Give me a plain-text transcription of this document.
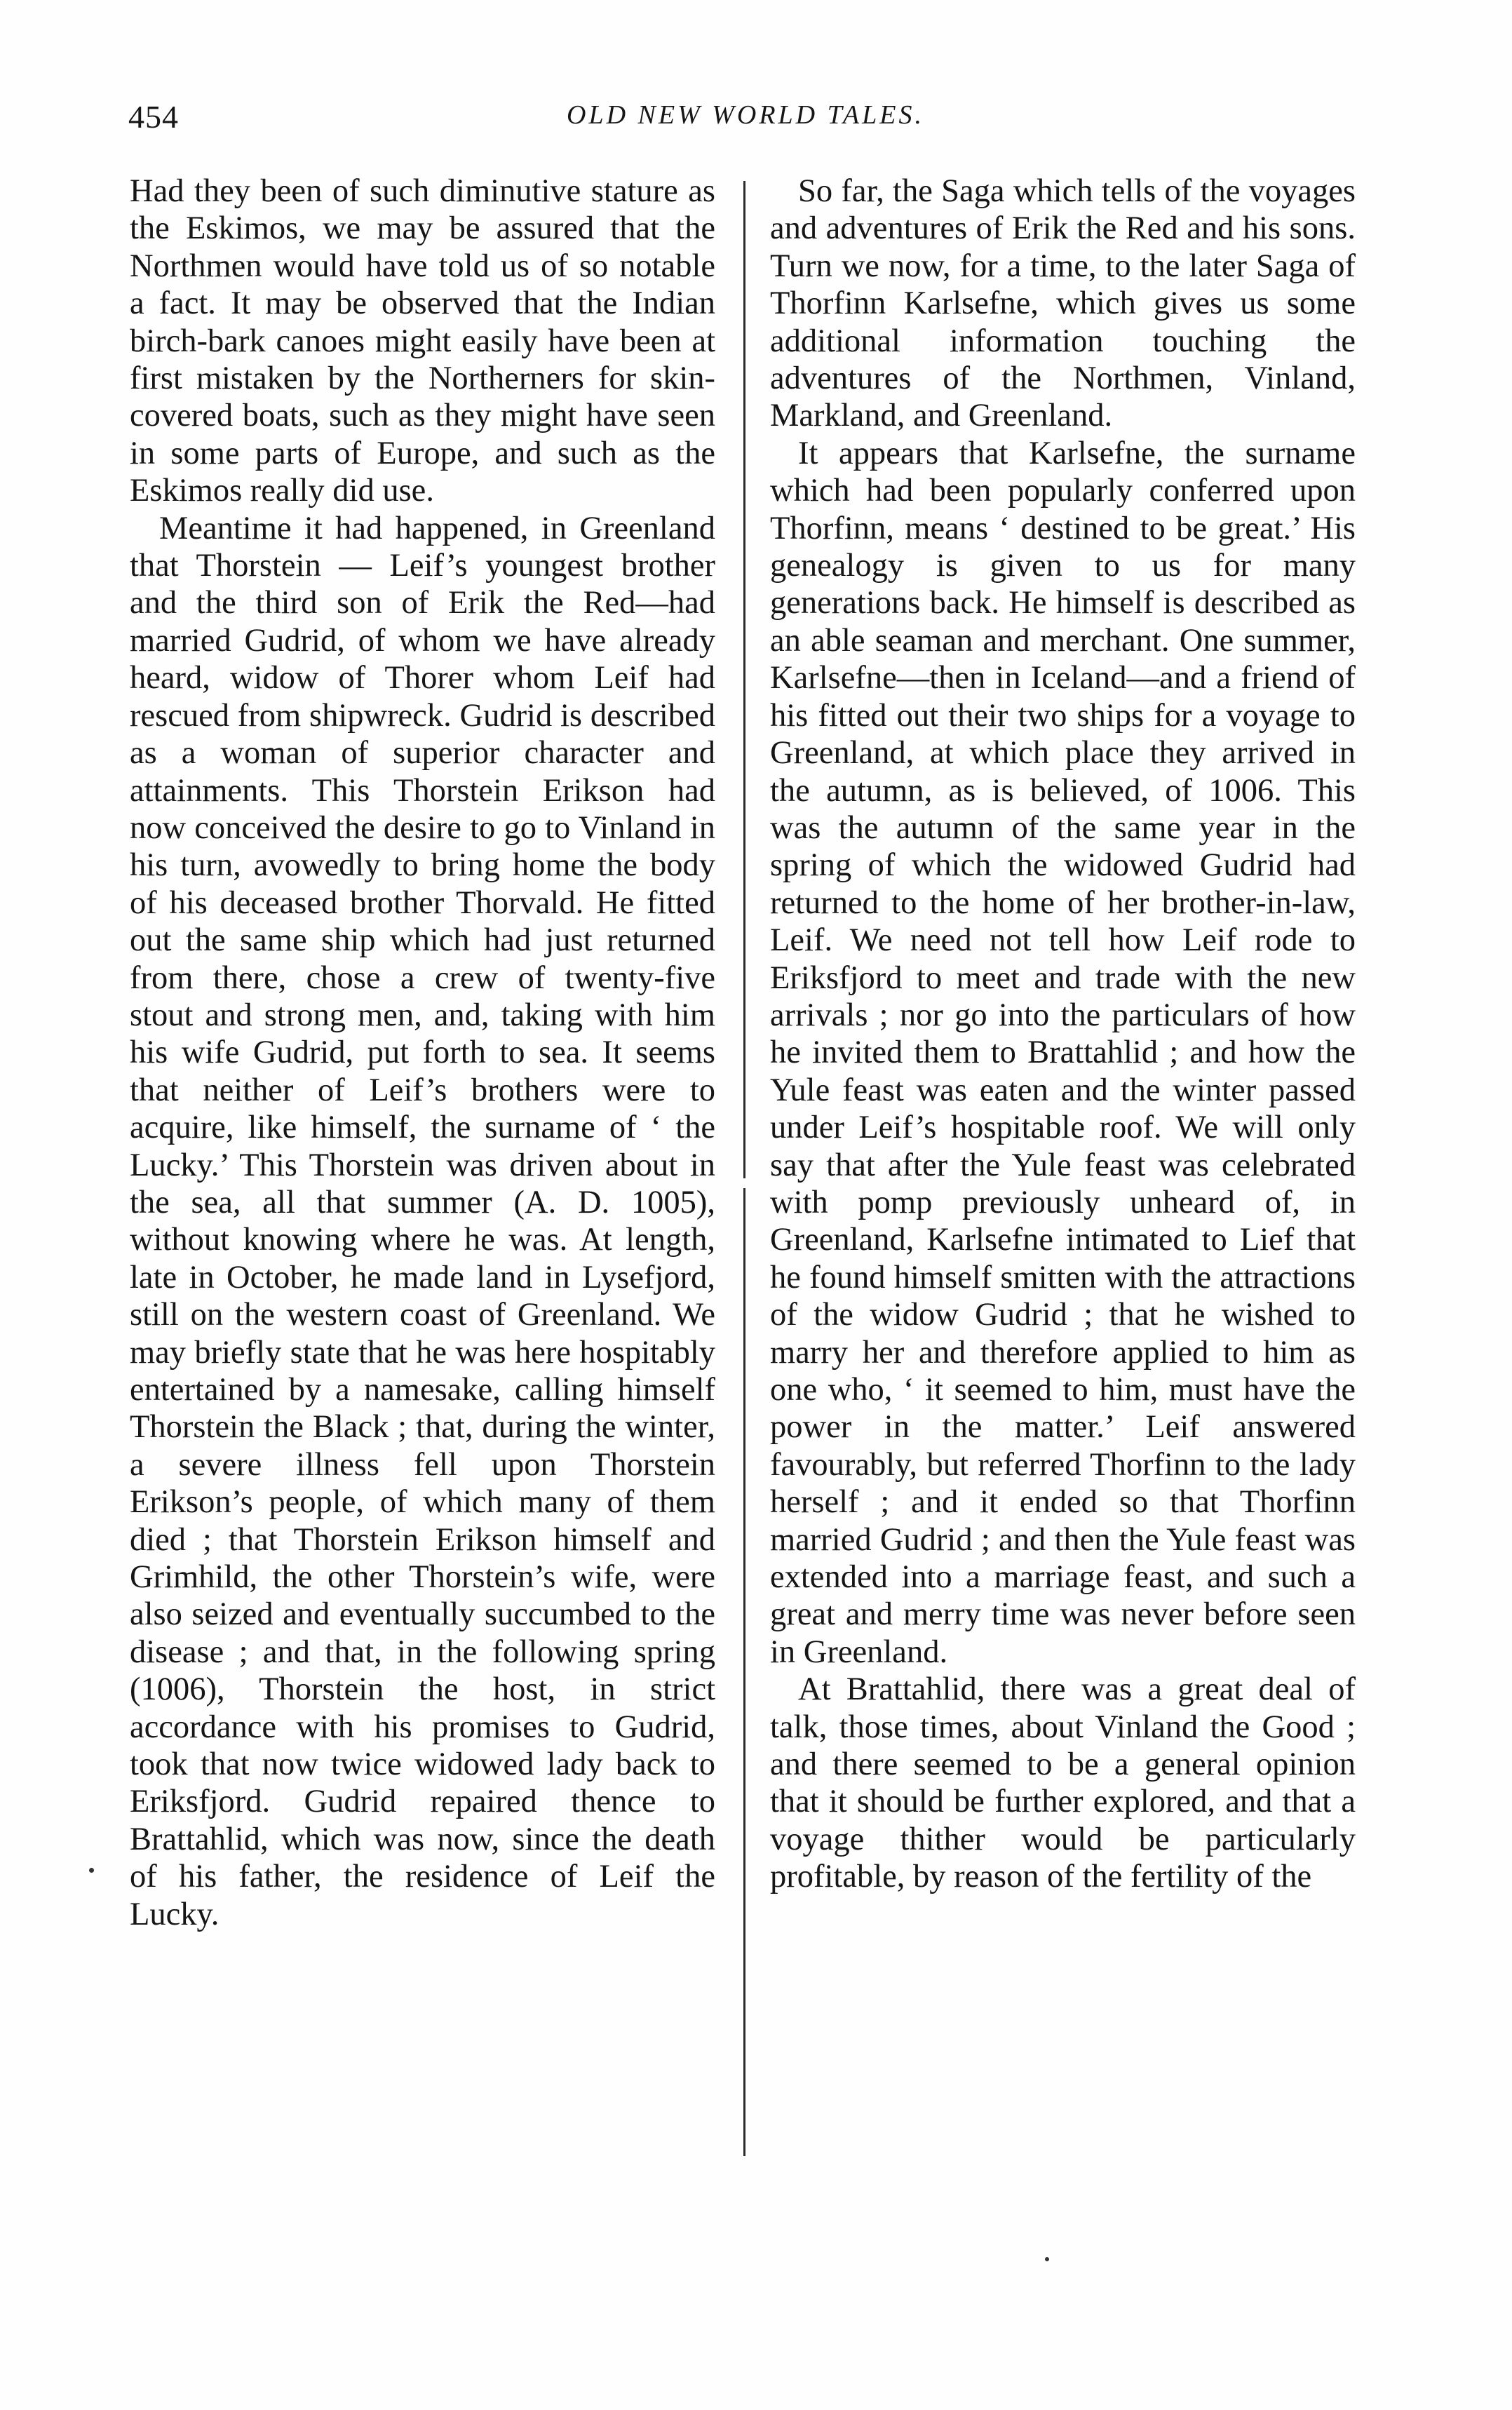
454	OLD NEW WORLD TALES.

Had they been of such diminutive stature as the Eskimos, we may be assured that the Northmen would have told us of so notable a fact. It may be observed that the Indian birch-bark canoes might easily have been at first mistaken by the Northerners for skin-covered boats, such as they might have seen in some parts of Europe, and such as the Eskimos really did use.

Meantime it had happened, in Greenland that Thorstein — Leif’s youngest brother and the third son of Erik the Red—had married Gudrid, of whom we have already heard, widow of Thorer whom Leif had rescued from shipwreck. Gudrid is described as a woman of superior character and attainments. This Thorstein Erikson had now conceived the desire to go to Vinland in his turn, avowedly to bring home the body of his deceased brother Thorvald. He fitted out the same ship which had just returned from there, chose a crew of twenty-five stout and strong men, and, taking with him his wife Gudrid, put forth to sea. It seems that neither of Leif’s brothers were to acquire, like himself, the surname of ‘ the Lucky.’ This Thorstein was driven about in the sea, all that summer (A. D. 1005), without knowing where he was. At length, late in October, he made land in Lysefjord, still on the western coast of Greenland. We may briefly state that he was here hospitably entertained by a namesake, calling himself Thorstein the Black ; that, during the winter, a severe illness fell upon Thorstein Erikson’s people, of which many of them died ; that Thorstein Erikson himself and Grimhild, the other Thorstein’s wife, were also seized and eventually succumbed to the disease ; and that, in the following spring (1006), Thorstein the host, in strict accordance with his promises to Gudrid, took that now twice widowed lady back to Eriksfjord. Gudrid repaired thence to Brattahlid, which was now, since the death of his father, the residence of Leif the Lucky.

So far, the Saga which tells of the voyages and adventures of Erik the Red and his sons. Turn we now, for a time, to the later Saga of Thorfinn Karlsefne, which gives us some additional information touching the adventures of the Northmen, Vinland, Markland, and Greenland.

It appears that Karlsefne, the surname which had been popularly conferred upon Thorfinn, means ‘ destined to be great.’ His genealogy is given to us for many generations back. He himself is described as an able seaman and merchant. One summer, Karlsefne—then in Iceland—and a friend of his fitted out their two ships for a voyage to Greenland, at which place they arrived in the autumn, as is believed, of 1006. This was the autumn of the same year in the spring of which the widowed Gudrid had returned to the home of her brother-in-law, Leif. We need not tell how Leif rode to Eriksfjord to meet and trade with the new arrivals ; nor go into the particulars of how he invited them to Brattahlid ; and how the Yule feast was eaten and the winter passed under Leif’s hospitable roof. We will only say that after the Yule feast was celebrated with pomp previously unheard of, in Greenland, Karlsefne intimated to Lief that he found himself smitten with the attractions of the widow Gudrid ; that he wished to marry her and therefore applied to him as one who, ‘ it seemed to him, must have the power in the matter.’ Leif answered favourably, but referred Thorfinn to the lady herself ; and it ended so that Thorfinn married Gudrid ; and then the Yule feast was extended into a marriage feast, and such a great and merry time was never before seen in Greenland.

At Brattahlid, there was a great deal of talk, those times, about Vinland the Good ; and there seemed to be a general opinion that it should be further explored, and that a voyage thither would be particularly profitable, by reason of the fertility of the
